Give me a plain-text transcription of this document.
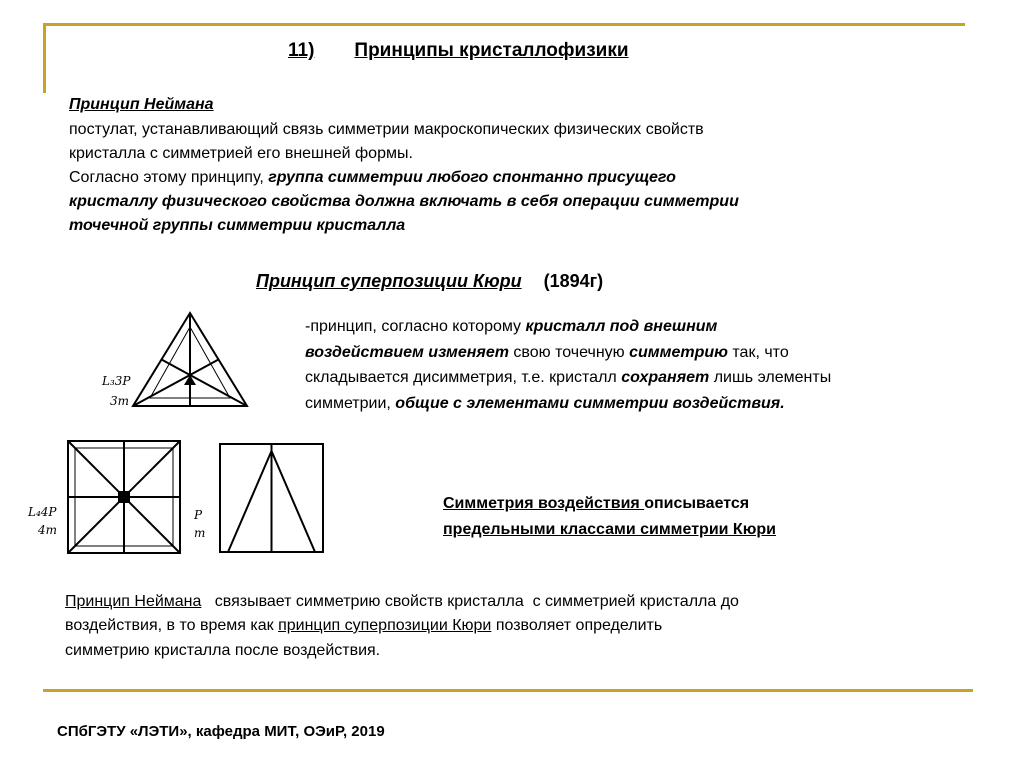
11) Принципы кристаллофизики
Принцип Неймана
постулат, устанавливающий связь симметрии макроскопических физических свойств
кристалла с симметрией его внешней формы.
Согласно этому принципу, группа симметрии любого спонтанно присущего
кристаллу физического свойства должна включать в себя операции симметрии
точечной группы симметрии кристалла
Принцип суперпозиции Кюри (1894г)
-принцип, согласно которому кристалл под внешним
воздействием изменяет свою точечную симметрию так, что
складывается дисимметрия, т.е. кристалл сохраняет лишь элементы
симметрии, общие с элементами симметрии воздействия.
L₃3P
3m
L₄4P
4m
P
m
Симметрия воздействия описывается
предельными классами симметрии Кюри
Принцип Неймана   связывает симметрию свойств кристалла  с симметрией кристалла до
воздействия, в то время как принцип суперпозиции Кюри позволяет определить
симметрию кристалла после воздействия.
СПбГЭТУ «ЛЭТИ», кафедра МИТ, ОЭиР, 2019
